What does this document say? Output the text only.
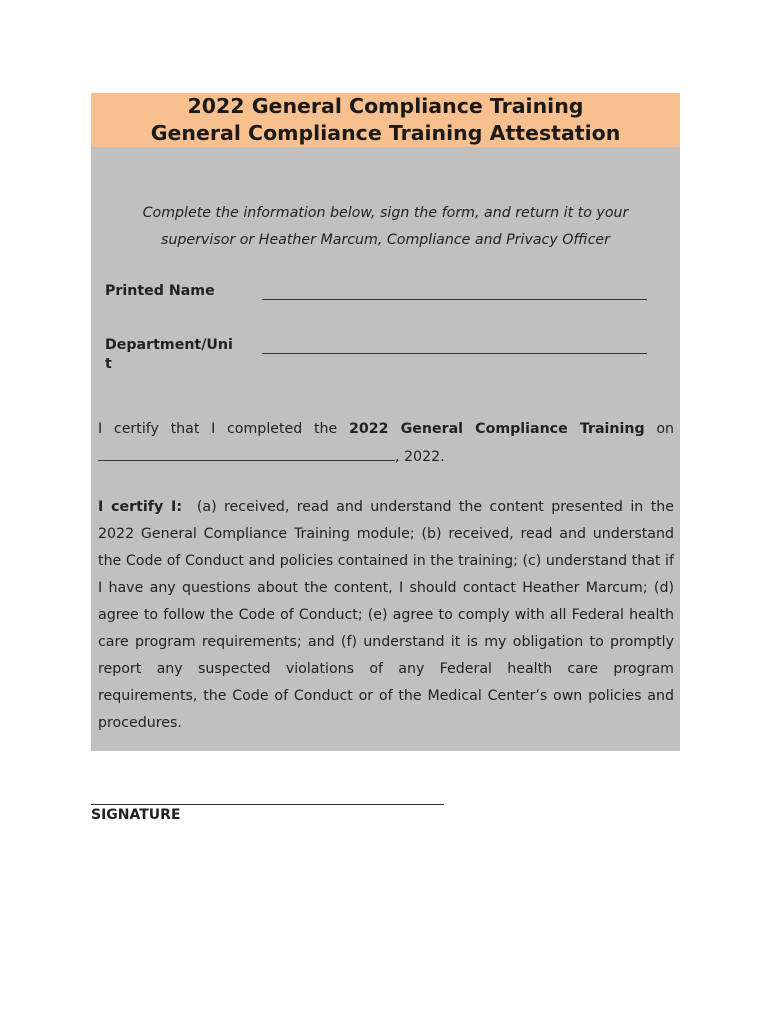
2022 General Compliance Training
General Compliance Training Attestation
Complete the information below, sign the form, and return it to your
supervisor or Heather Marcum, Compliance and Privacy Officer
Printed Name
Department/Uni
t
I certify that I completed the 2022 General Compliance Training on
, 2022.
I certify I: (a) received, read and understand the content presented in the 2022 General Compliance Training module; (b) received, read and understand the Code of Conduct and policies contained in the training; (c) understand that if I have any questions about the content, I should contact Heather Marcum; (d) agree to follow the Code of Conduct; (e) agree to comply with all Federal health care program requirements; and (f) understand it is my obligation to promptly report any suspected violations of any Federal health care program requirements, the Code of Conduct or of the Medical Center’s own policies and procedures.
SIGNATURE
